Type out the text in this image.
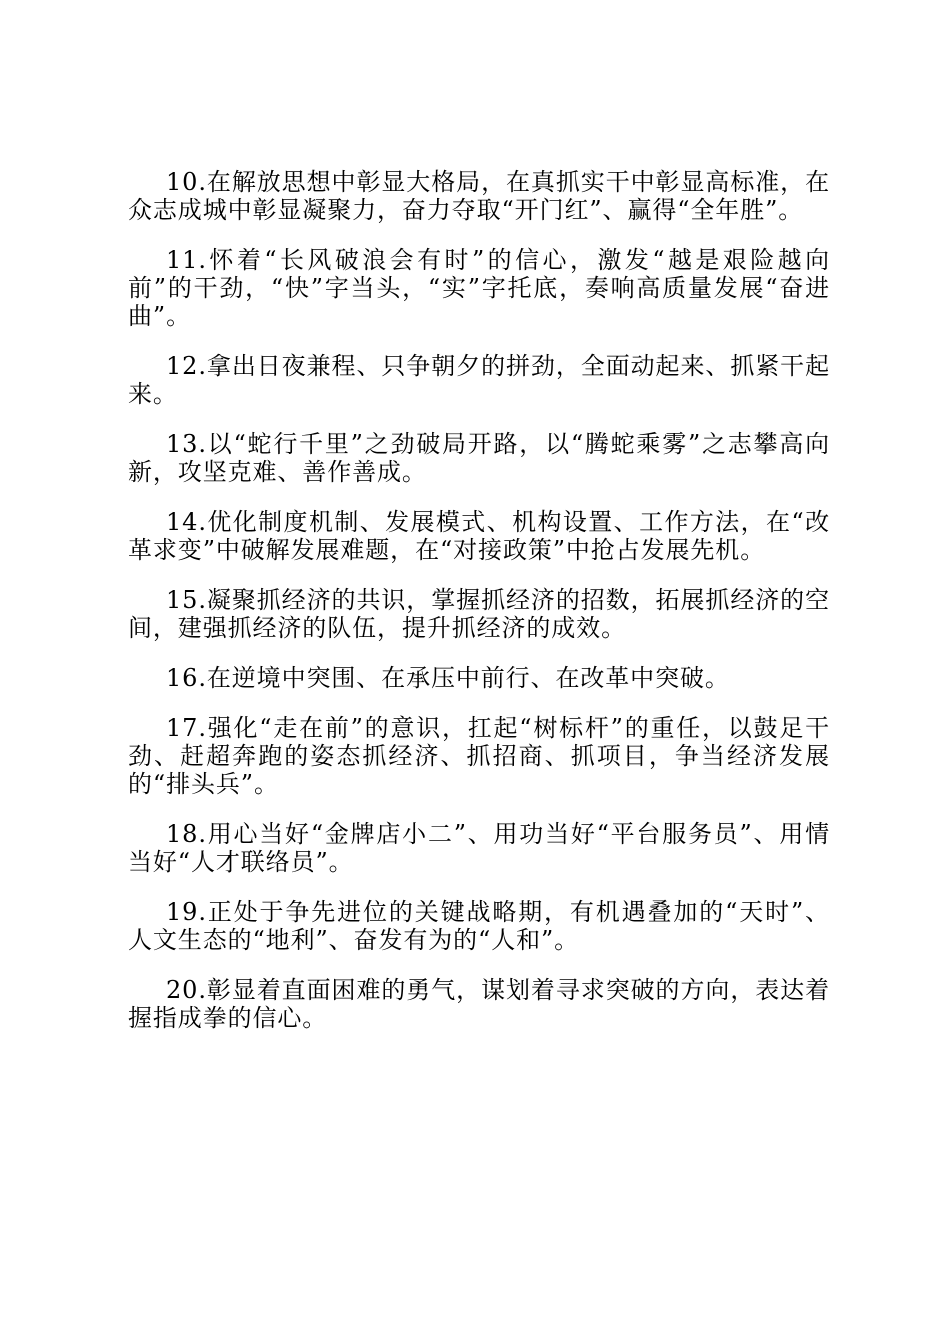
10.在解放思想中彰显大格局，在真抓实干中彰显高标准，在众志成城中彰显凝聚力，奋力夺取“开门红”、赢得“全年胜”。

11.怀着“长风破浪会有时”的信心，激发“越是艰险越向前”的干劲，“快”字当头，“实”字托底，奏响高质量发展“奋进曲”。

12.拿出日夜兼程、只争朝夕的拼劲，全面动起来、抓紧干起来。

13.以“蛇行千里”之劲破局开路，以“腾蛇乘雾”之志攀高向新，攻坚克难、善作善成。

14.优化制度机制、发展模式、机构设置、工作方法，在“改革求变”中破解发展难题，在“对接政策”中抢占发展先机。

15.凝聚抓经济的共识，掌握抓经济的招数，拓展抓经济的空间，建强抓经济的队伍，提升抓经济的成效。

16.在逆境中突围、在承压中前行、在改革中突破。

17.强化“走在前”的意识，扛起“树标杆”的重任，以鼓足干劲、赶超奔跑的姿态抓经济、抓招商、抓项目，争当经济发展的“排头兵”。

18.用心当好“金牌店小二”、用功当好“平台服务员”、用情当好“人才联络员”。

19.正处于争先进位的关键战略期，有机遇叠加的“天时”、人文生态的“地利”、奋发有为的“人和”。

20.彰显着直面困难的勇气，谋划着寻求突破的方向，表达着握指成拳的信心。
